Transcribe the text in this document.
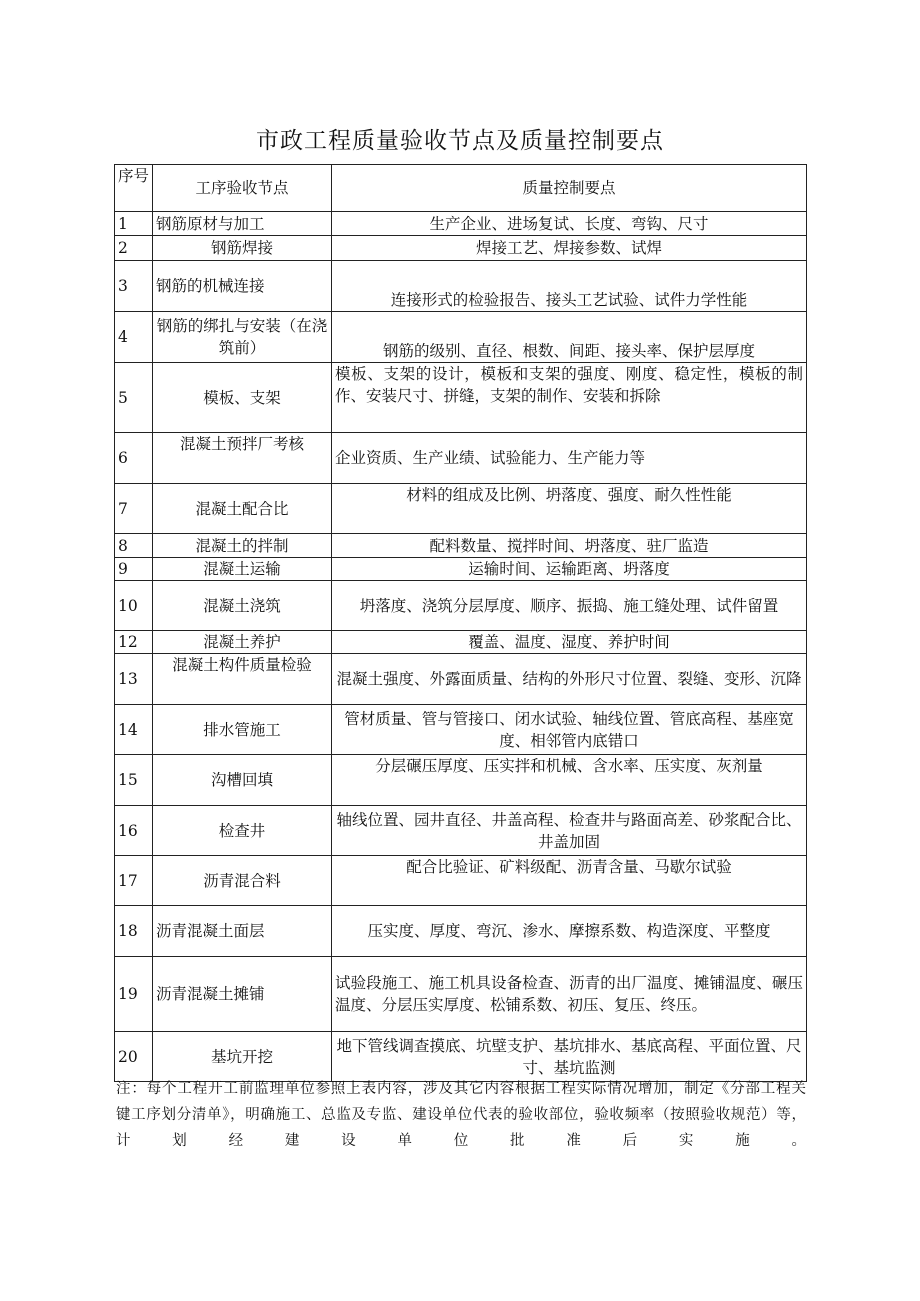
市政工程质量验收节点及质量控制要点
序号	工序验收节点	质量控制要点
1	钢筋原材与加工	生产企业、进场复试、长度、弯钩、尺寸
2	钢筋焊接	焊接工艺、焊接参数、试焊
3	钢筋的机械连接	连接形式的检验报告、接头工艺试验、试件力学性能
4	钢筋的绑扎与安装（在浇筑前）	钢筋的级别、直径、根数、间距、接头率、保护层厚度
5	模板、支架	模板、支架的设计，模板和支架的强度、刚度、稳定性，模板的制作、安装尺寸、拼缝，支架的制作、安装和拆除
6	混凝土预拌厂考核	企业资质、生产业绩、试验能力、生产能力等
7	混凝土配合比	材料的组成及比例、坍落度、强度、耐久性性能
8	混凝土的拌制	配料数量、搅拌时间、坍落度、驻厂监造
9	混凝土运输	运输时间、运输距离、坍落度
10	混凝土浇筑	坍落度、浇筑分层厚度、顺序、振捣、施工缝处理、试件留置
12	混凝土养护	覆盖、温度、湿度、养护时间
13	混凝土构件质量检验	混凝土强度、外露面质量、结构的外形尺寸位置、裂缝、变形、沉降
14	排水管施工	管材质量、管与管接口、闭水试验、轴线位置、管底高程、基座宽度、相邻管内底错口
15	沟槽回填	分层碾压厚度、压实拌和机械、含水率、压实度、灰剂量
16	检查井	轴线位置、园井直径、井盖高程、检查井与路面高差、砂浆配合比、井盖加固
17	沥青混合料	配合比验证、矿料级配、沥青含量、马歇尔试验
18	沥青混凝土面层	压实度、厚度、弯沉、渗水、摩擦系数、构造深度、平整度
19	沥青混凝土摊铺	试验段施工、施工机具设备检查、沥青的出厂温度、摊铺温度、碾压温度、分层压实厚度、松铺系数、初压、复压、终压。
20	基坑开挖	地下管线调查摸底、坑壁支护、基坑排水、基底高程、平面位置、尺寸、基坑监测
注：每个工程开工前监理单位参照上表内容，涉及其它内容根据工程实际情况增加，制定《分部工程关
键工序划分清单》，明确施工、总监及专监、建设单位代表的验收部位，验收频率（按照验收规范）等，
计划经建设单位批准后实施。
